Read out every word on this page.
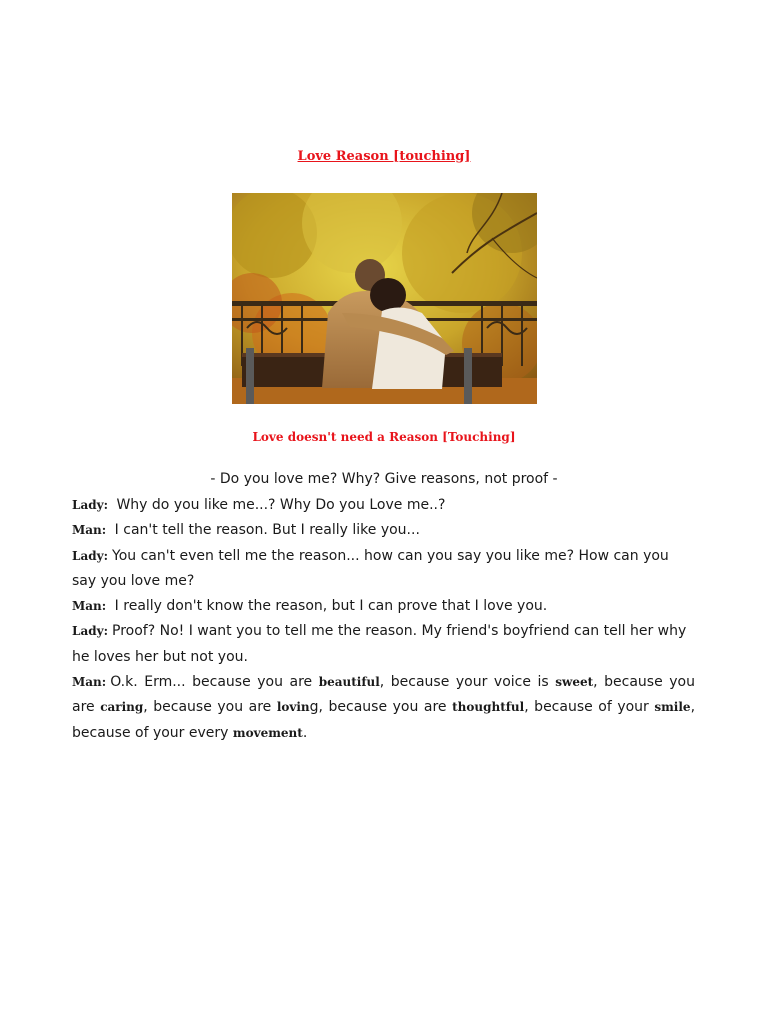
Love Reason [touching]
Love doesn't need a Reason [Touching]
- Do you love me? Why? Give reasons, not proof -

Lady: Why do you like me...? Why Do you Love me..?

Man: I can't tell the reason. But I really like you...

Lady: You can't even tell me the reason... how can you say you like me? How can you say you love me?

Man: I really don't know the reason, but I can prove that I love you.

Lady: Proof? No! I want you to tell me the reason. My friend's boyfriend can tell her why he loves her but not you.

Man: O.k. Erm... because you are beautiful, because your voice is sweet, because you are caring, because you are loving, because you are thoughtful, because of your smile, because of your every movement.
